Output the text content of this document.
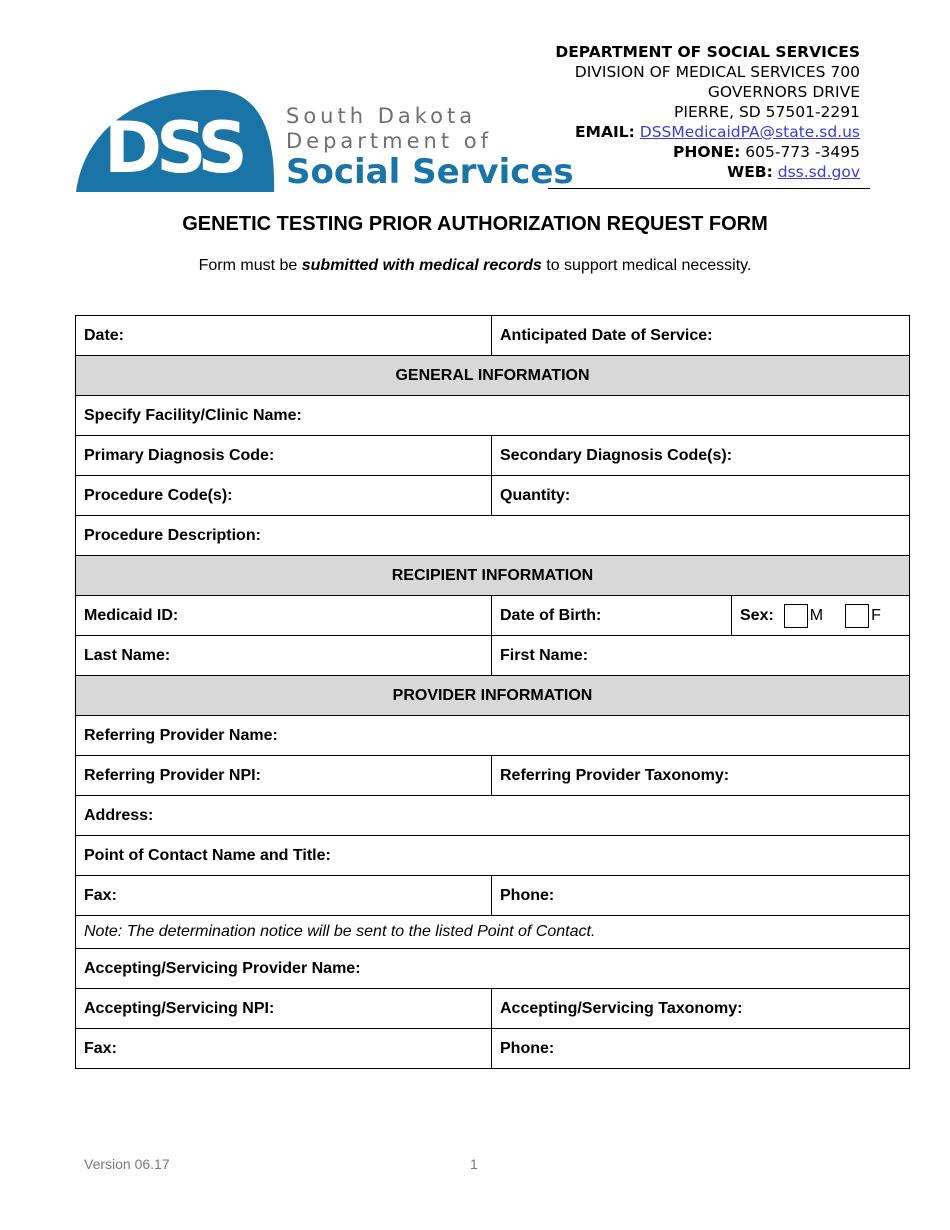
DSS South Dakota
Department of
Social Services
DEPARTMENT OF SOCIAL SERVICES
DIVISION OF MEDICAL SERVICES 700
GOVERNORS DRIVE
PIERRE, SD 57501-2291
EMAIL: DSSMedicaidPA@state.sd.us
PHONE: 605-773 -3495
WEB: dss.sd.gov
GENETIC TESTING PRIOR AUTHORIZATION REQUEST FORM
Form must be submitted with medical records to support medical necessity.
Date:	Anticipated Date of Service:	
GENERAL INFORMATION		
Specify Facility/Clinic Name:		
Primary Diagnosis Code:	Secondary Diagnosis Code(s):	
Procedure Code(s):	Quantity:	
Procedure Description:		
RECIPIENT INFORMATION		
Medicaid ID:	Date of Birth:	Sex: M F

Last Name:	First Name:	
PROVIDER INFORMATION		
Referring Provider Name:		
Referring Provider NPI:	Referring Provider Taxonomy:	
Address:		
Point of Contact Name and Title:		
Fax:	Phone:	
Note: The determination notice will be sent to the listed Point of Contact.		
Accepting/Servicing Provider Name:		
Accepting/Servicing NPI:	Accepting/Servicing Taxonomy:	
Fax:	Phone:	
Version 06.17	1
